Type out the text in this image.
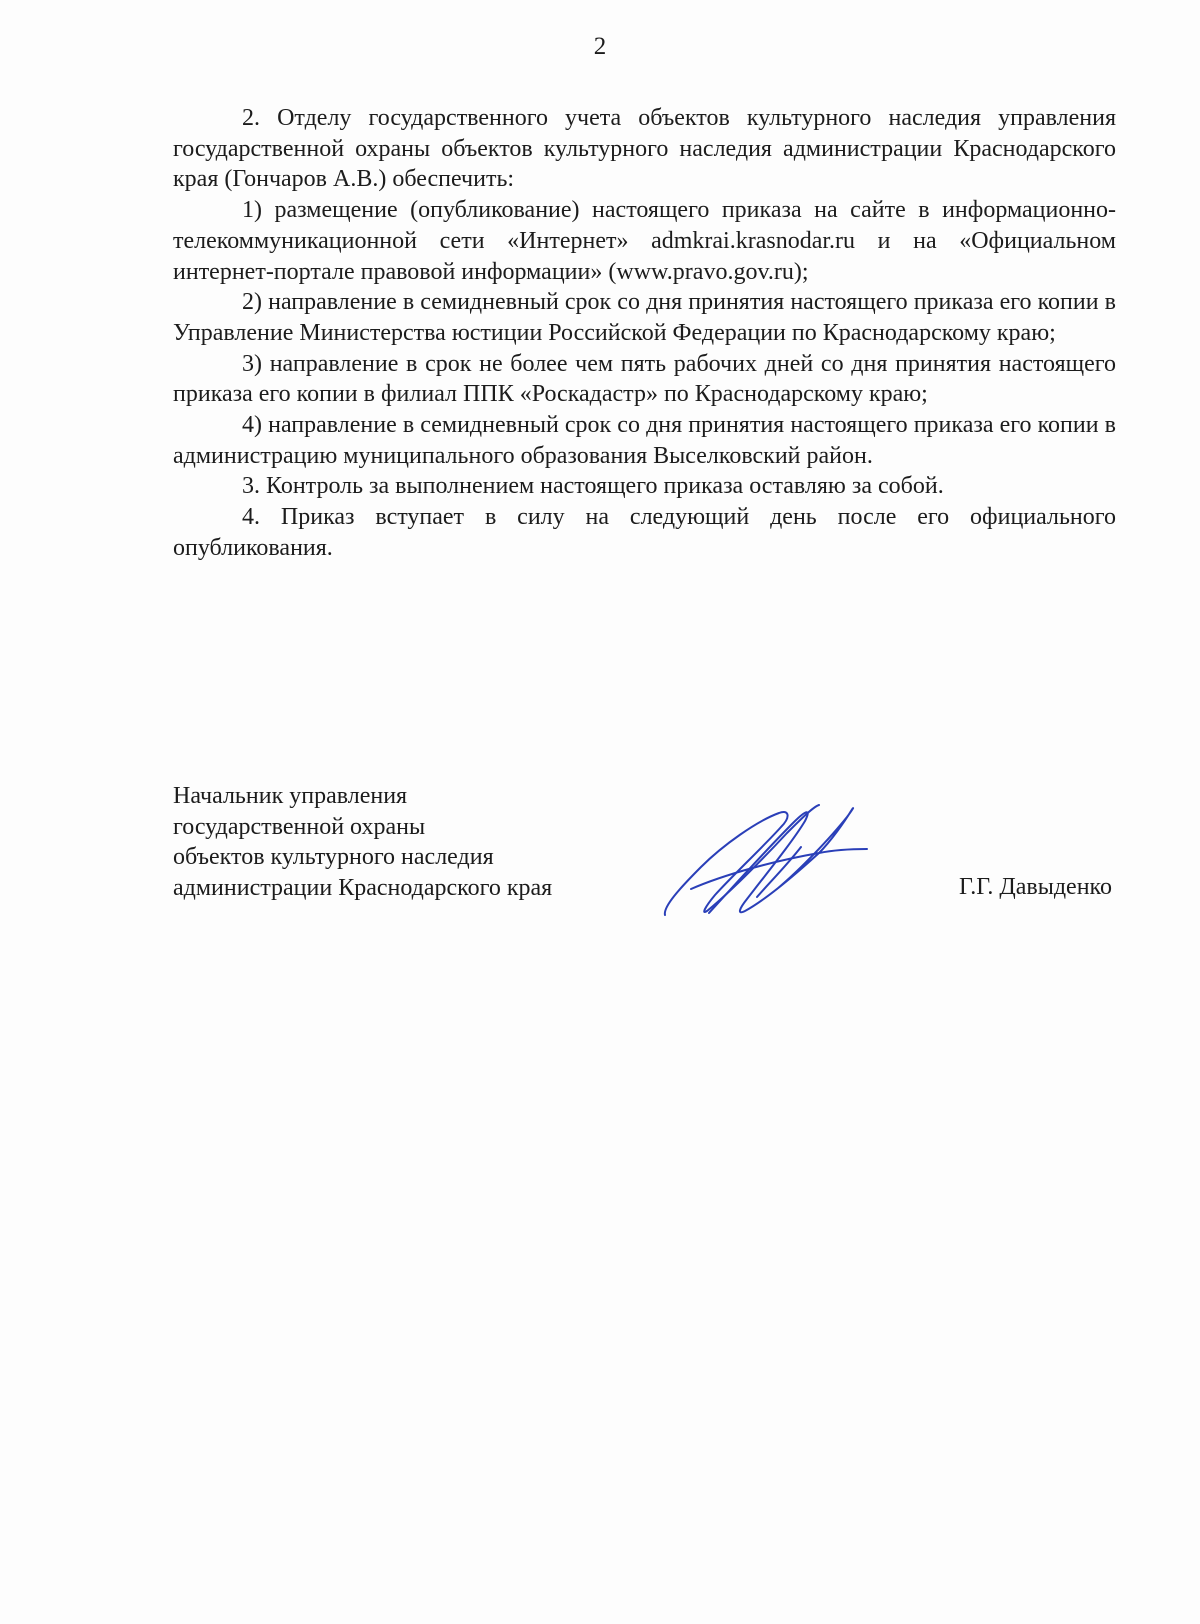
2

2. Отделу государственного учета объектов культурного наследия управления государственной охраны объектов культурного наследия администрации Краснодарского края (Гончаров А.В.) обеспечить:

1) размещение (опубликование) настоящего приказа на сайте в информационно-телекоммуникационной сети «Интернет» admkrai.krasnodar.ru и на «Официальном интернет-портале правовой информации» (www.pravo.gov.ru);

2) направление в семидневный срок со дня принятия настоящего приказа его копии в Управление Министерства юстиции Российской Федерации по Краснодарскому краю;

3) направление в срок не более чем пять рабочих дней со дня принятия настоящего приказа его копии в филиал ППК «Роскадастр» по Краснодарскому краю;

4) направление в семидневный срок со дня принятия настоящего приказа его копии в администрацию муниципального образования Выселковский район.

3. Контроль за выполнением настоящего приказа оставляю за собой.

4. Приказ вступает в силу на следующий день после его официального опубликования.

Начальник управления
государственной охраны
объектов культурного наследия
администрации Краснодарского края	Г.Г. Давыденко
